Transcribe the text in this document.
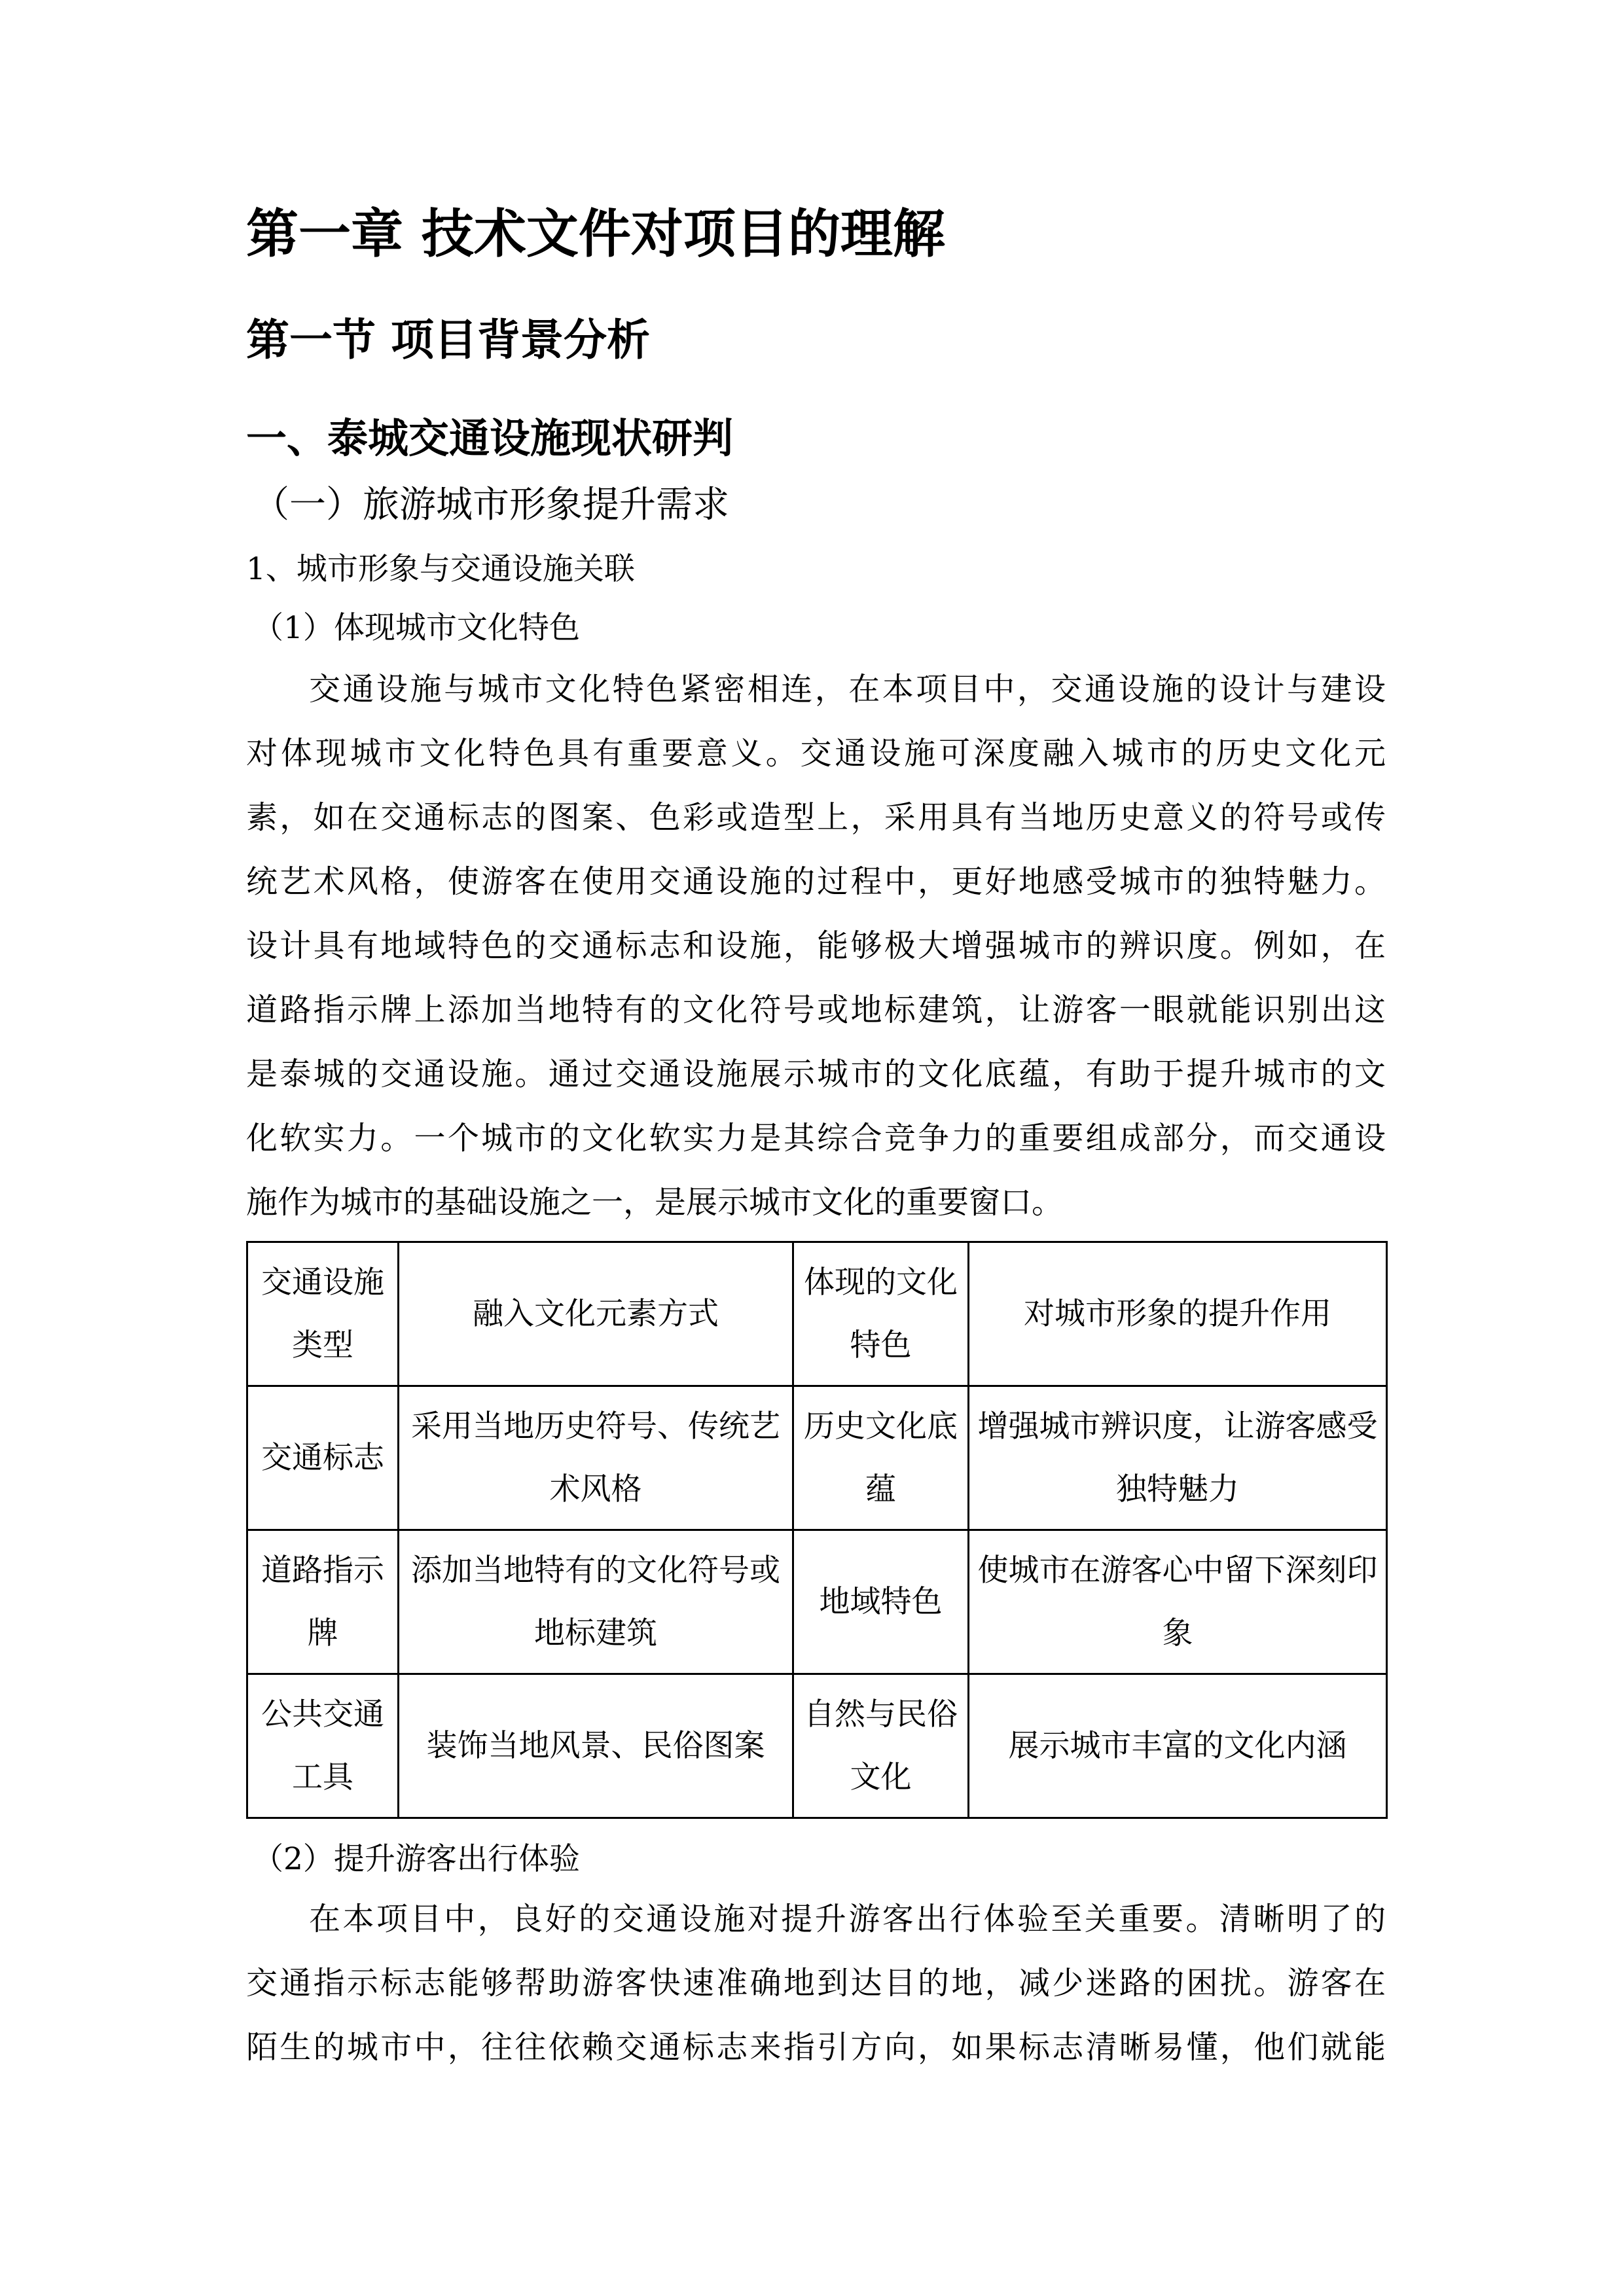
第一章 技术文件对项目的理解
第一节 项目背景分析
一、泰城交通设施现状研判
（一）旅游城市形象提升需求
1、城市形象与交通设施关联
（1）体现城市文化特色
交通设施与城市文化特色紧密相连，在本项目中，交通设施的设计与建设
对体现城市文化特色具有重要意义。交通设施可深度融入城市的历史文化元
素，如在交通标志的图案、色彩或造型上，采用具有当地历史意义的符号或传
统艺术风格，使游客在使用交通设施的过程中，更好地感受城市的独特魅力。
设计具有地域特色的交通标志和设施，能够极大增强城市的辨识度。例如，在
道路指示牌上添加当地特有的文化符号或地标建筑，让游客一眼就能识别出这
是泰城的交通设施。通过交通设施展示城市的文化底蕴，有助于提升城市的文
化软实力。一个城市的文化软实力是其综合竞争力的重要组成部分，而交通设
施作为城市的基础设施之一，是展示城市文化的重要窗口。
交通设施类型	融入文化元素方式	体现的文化特色	对城市形象的提升作用
交通标志	采用当地历史符号、传统艺术风格	历史文化底蕴	增强城市辨识度，让游客感受独特魅力
道路指示牌	添加当地特有的文化符号或地标建筑	地域特色	使城市在游客心中留下深刻印象
公共交通工具	装饰当地风景、民俗图案	自然与民俗文化	展示城市丰富的文化内涵
（2）提升游客出行体验
在本项目中，良好的交通设施对提升游客出行体验至关重要。清晰明了的
交通指示标志能够帮助游客快速准确地到达目的地，减少迷路的困扰。游客在
陌生的城市中，往往依赖交通标志来指引方向，如果标志清晰易懂，他们就能
